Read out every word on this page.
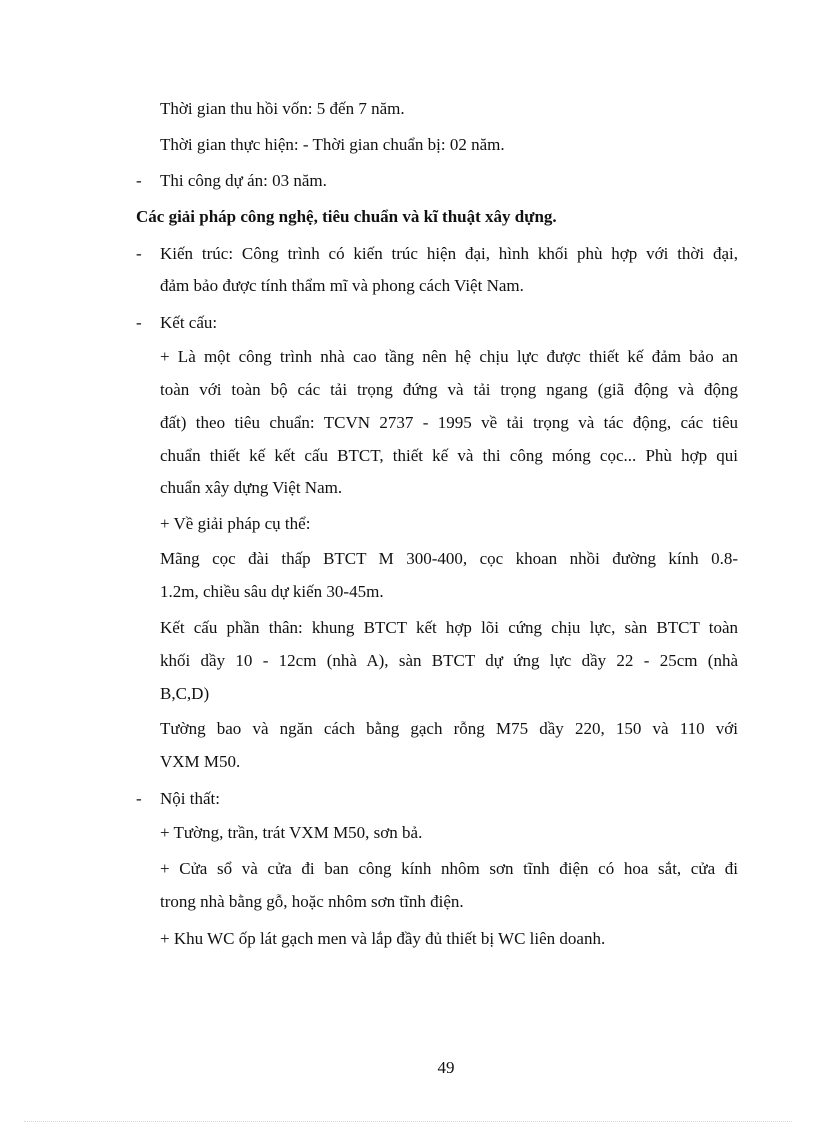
Thời gian thu hồi vốn: 5 đến 7 năm.
Thời gian thực hiện: - Thời gian chuẩn bị: 02 năm.
- Thi công dự án: 03 năm.
Các giải pháp công nghệ, tiêu chuẩn và kĩ thuật xây dựng.
- Kiến trúc: Công trình có kiến trúc hiện đại, hình khối phù hợp với thời đại,
đảm bảo được tính thẩm mĩ và phong cách Việt Nam.
- Kết cấu:
+ Là một công trình nhà cao tầng nên hệ chịu lực được thiết kế đảm bảo an
toàn với toàn bộ các tải trọng đứng và tải trọng ngang (giã động và động
đất) theo tiêu chuẩn: TCVN 2737 - 1995 về tải trọng và tác động, các tiêu
chuẩn thiết kế kết cấu BTCT, thiết kế và thi công móng cọc... Phù hợp qui
chuẩn xây dựng Việt Nam.
+ Về giải pháp cụ thể:
Mãng cọc đài thấp BTCT M 300-400, cọc khoan nhồi đường kính 0.8-
1.2m, chiều sâu dự kiến 30-45m.
Kết cấu phần thân: khung BTCT kết hợp lõi cứng chịu lực, sàn BTCT toàn
khối dầy 10 - 12cm (nhà A), sàn BTCT dự ứng lực dầy 22 - 25cm (nhà
B,C,D)
Tường bao và ngăn cách bằng gạch rỗng M75 dầy 220, 150 và 110 với
VXM M50.
- Nội thất:
+ Tường, trần, trát VXM M50, sơn bả.
+ Cửa sổ và cửa đi ban công kính nhôm sơn tĩnh điện có hoa sắt, cửa đi
trong nhà bằng gỗ, hoặc nhôm sơn tĩnh điện.
+ Khu WC ốp lát gạch men và lắp đầy đủ thiết bị WC liên doanh.
49
